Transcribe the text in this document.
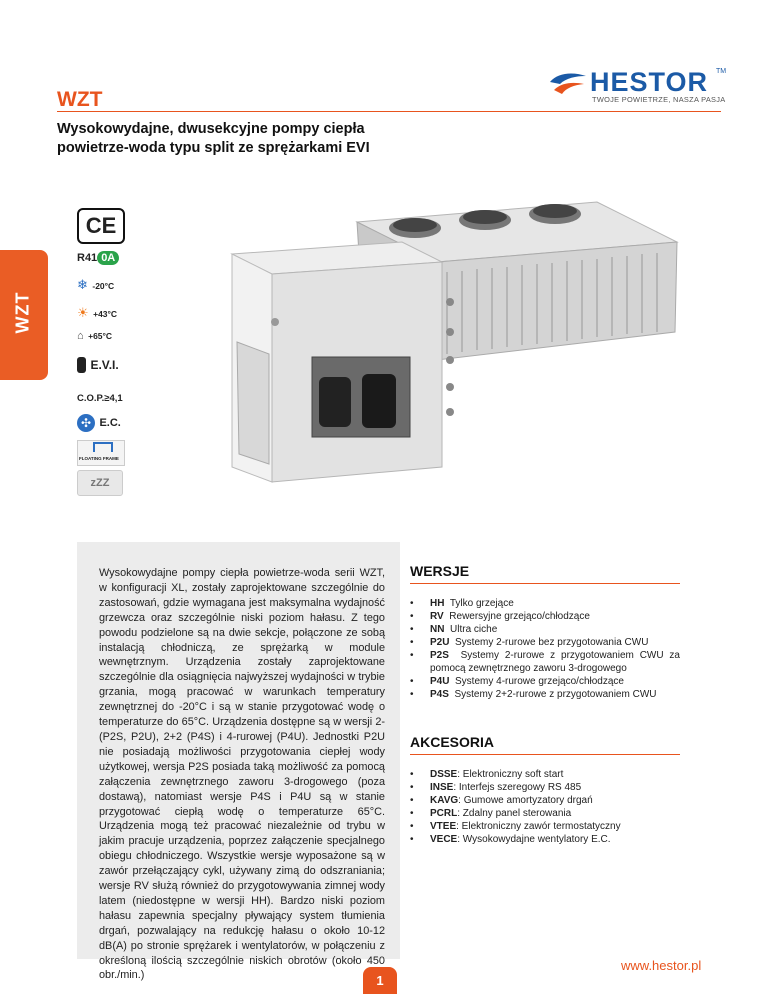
HESTOR TM
TWOJE POWIETRZE, NASZA PASJA
WZT
Wysokowydajne, dwusekcyjne pompy ciepła powietrze-woda typu split ze sprężarkami EVI
WZT
CE
R41 0A
❄ -20°C
☀ +43°C
⌂ +65°C
E.V.I.
C.O.P.≥4,1
✣ E.C.
FLOATING FRAME
zZZ

Wysokowydajne pompy ciepła powietrze-woda serii WZT, w konfiguracji XL, zostały zaprojektowane szczególnie do zastosowań, gdzie wymagana jest maksymalna wydajność grzewcza oraz szczególnie niski poziom hałasu. Z tego powodu podzielone są na dwie sekcje, połączone ze sobą instalacją chłodniczą, ze sprężarką w module wewnętrznym. Urządzenia zostały zaprojektowane szczególnie dla osiągnięcia najwyższej wydajności w trybie grzania, mogą pracować w warunkach temperatury zewnętrznej do -20°C i są w stanie przygotować wodę o temperaturze do 65°C. Urządzenia dostępne są w wersji 2- (P2S, P2U), 2+2 (P4S) i 4-rurowej (P4U). Jednostki P2U nie posiadają możliwości przygotowania ciepłej wody użytkowej, wersja P2S posiada taką możliwość za pomocą załączenia zewnętrznego zaworu 3-drogowego (poza dostawą), natomiast wersje P4S i P4U są w stanie przygotować ciepłą wodę o temperaturze 65°C. Urządzenia mogą też pracować niezależnie od trybu w jakim pracuje urządzenia, poprzez załączenie specjalnego obiegu chłodniczego. Wszystkie wersje wyposażone są w zawór przełączający cykl, używany zimą do odszraniania; wersje RV służą również do przygotowywania zimnej wody latem (niedostępne w wersji HH). Bardzo niski poziom hałasu zapewnia specjalny pływający system tłumienia drgań, pozwalający na redukcję hałasu o około 10-12 dB(A) po stronie sprężarek i wentylatorów, w połączeniu z określoną ilością szczególnie niskich obrotów (około 450 obr./min.)

WERSJE
• HH Tylko grzejące
• RV Rewersyjne grzejąco/chłodzące
• NN Ultra ciche
• P2U Systemy 2-rurowe bez przygotowania CWU
• P2S Systemy 2-rurowe z przygotowaniem CWU za pomocą zewnętrznego zaworu 3-drogowego
• P4U Systemy 4-rurowe grzejąco/chłodzące
• P4S Systemy 2+2-rurowe z przygotowaniem CWU
AKCESORIA
• DSSE: Elektroniczny soft start
• INSE: Interfejs szeregowy RS 485
• KAVG: Gumowe amortyzatory drgań
• PCRL: Zdalny panel sterowania
• VTEE: Elektroniczny zawór termostatyczny
• VECE: Wysokowydajne wentylatory E.C.
1
www.hestor.pl
